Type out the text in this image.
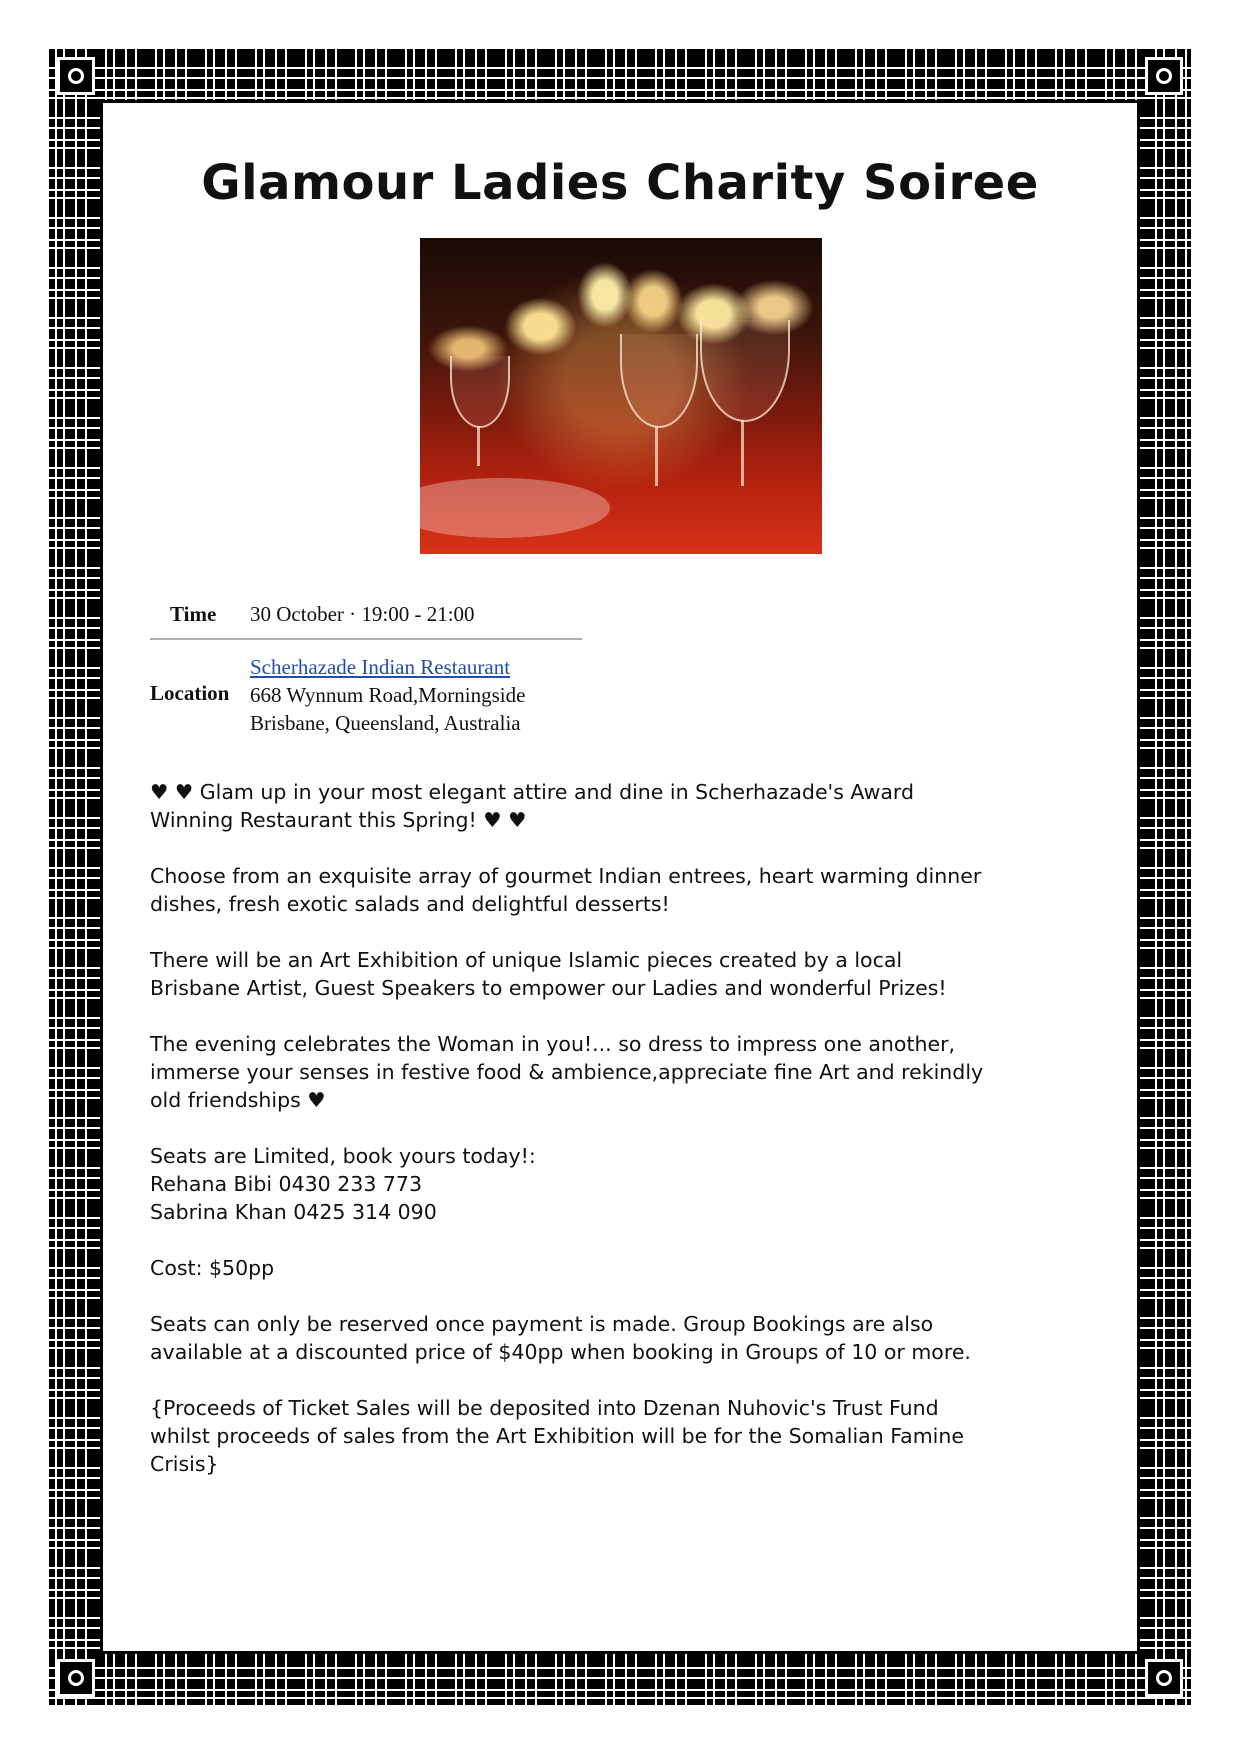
Glamour Ladies Charity Soiree
Time 30 October · 19:00 - 21:00
Location
Scherhazade Indian Restaurant
668 Wynnum Road,Morningside
Brisbane, Queensland, Australia

♥ ♥ Glam up in your most elegant attire and dine in Scherhazade's Award
Winning Restaurant this Spring! ♥ ♥

Choose from an exquisite array of gourmet Indian entrees, heart warming dinner
dishes, fresh exotic salads and delightful desserts!

There will be an Art Exhibition of unique Islamic pieces created by a local
Brisbane Artist, Guest Speakers to empower our Ladies and wonderful Prizes!

The evening celebrates the Woman in you!... so dress to impress one another,
immerse your senses in festive food & ambience,appreciate fine Art and rekindly
old friendships ♥

Seats are Limited, book yours today!:
Rehana Bibi 0430 233 773
Sabrina Khan 0425 314 090

Cost: $50pp

Seats can only be reserved once payment is made. Group Bookings are also
available at a discounted price of $40pp when booking in Groups of 10 or more.

{Proceeds of Ticket Sales will be deposited into Dzenan Nuhovic's Trust Fund
whilst proceeds of sales from the Art Exhibition will be for the Somalian Famine
Crisis}
